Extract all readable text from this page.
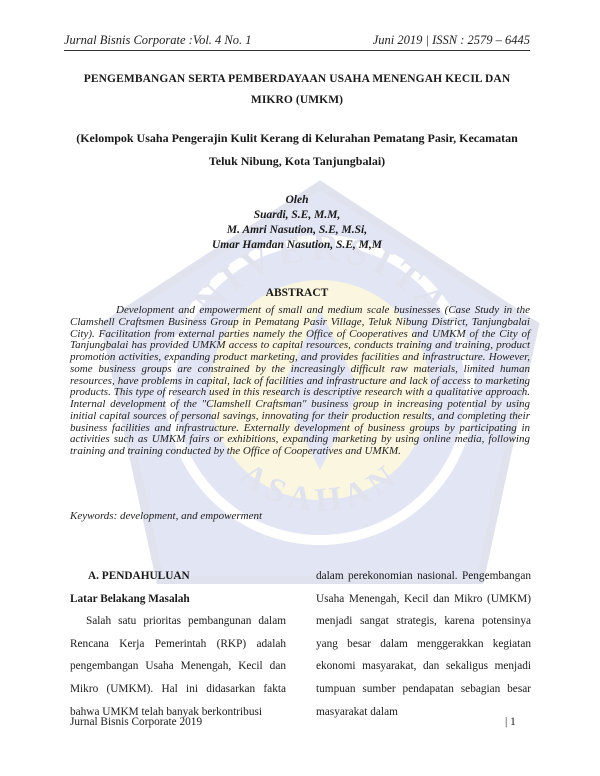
UNIVERSITAS
ASAHAN
Jurnal Bisnis Corporate :Vol. 4 No. 1	Juni 2019 | ISSN : 2579 – 6445
PENGEMBANGAN SERTA PEMBERDAYAAN USAHA MENENGAH KECIL DAN MIKRO (UMKM)
(Kelompok Usaha Pengerajin Kulit Kerang di Kelurahan Pematang Pasir, Kecamatan Teluk Nibung, Kota Tanjungbalai)
Oleh
Suardi, S.E, M.M,
M. Amri Nasution, S.E, M.Si,
Umar Hamdan Nasution, S.E, M,M
ABSTRACT
Development and empowerment of small and medium scale businesses (Case Study in the Clamshell Craftsmen Business Group in Pematang Pasir Village, Teluk Nibung District, Tanjungbalai City). Facilitation from external parties namely the Office of Cooperatives and UMKM of the City of Tanjungbalai has provided UMKM access to capital resources, conducts training and training, product promotion activities, expanding product marketing, and provides facilities and infrastructure. However, some business groups are constrained by the increasingly difficult raw materials, limited human resources, have problems in capital, lack of facilities and infrastructure and lack of access to marketing products. This type of research used in this research is descriptive research with a qualitative approach. Internal development of the "Clamshell Craftsman" business group in increasing potential by using initial capital sources of personal savings, innovating for their production results, and completing their business facilities and infrastructure. Externally development of business groups by participating in activities such as UMKM fairs or exhibitions, expanding marketing by using online media, following training and training conducted by the Office of Cooperatives and UMKM.
Keywords: development, and empowerment

A. PENDAHULUAN

Latar Belakang Masalah

Salah satu prioritas pembangunan dalam Rencana Kerja Pemerintah (RKP) adalah pengembangan Usaha Menengah, Kecil dan Mikro (UMKM). Hal ini didasarkan fakta bahwa UMKM telah banyak berkontribusi

dalam perekonomian nasional. Pengembangan Usaha Menengah, Kecil dan Mikro (UMKM) menjadi sangat strategis, karena potensinya yang besar dalam menggerakkan kegiatan ekonomi masyarakat, dan sekaligus menjadi tumpuan sumber pendapatan sebagian besar masyarakat dalam

Jurnal Bisnis Corporate 2019	| 1
